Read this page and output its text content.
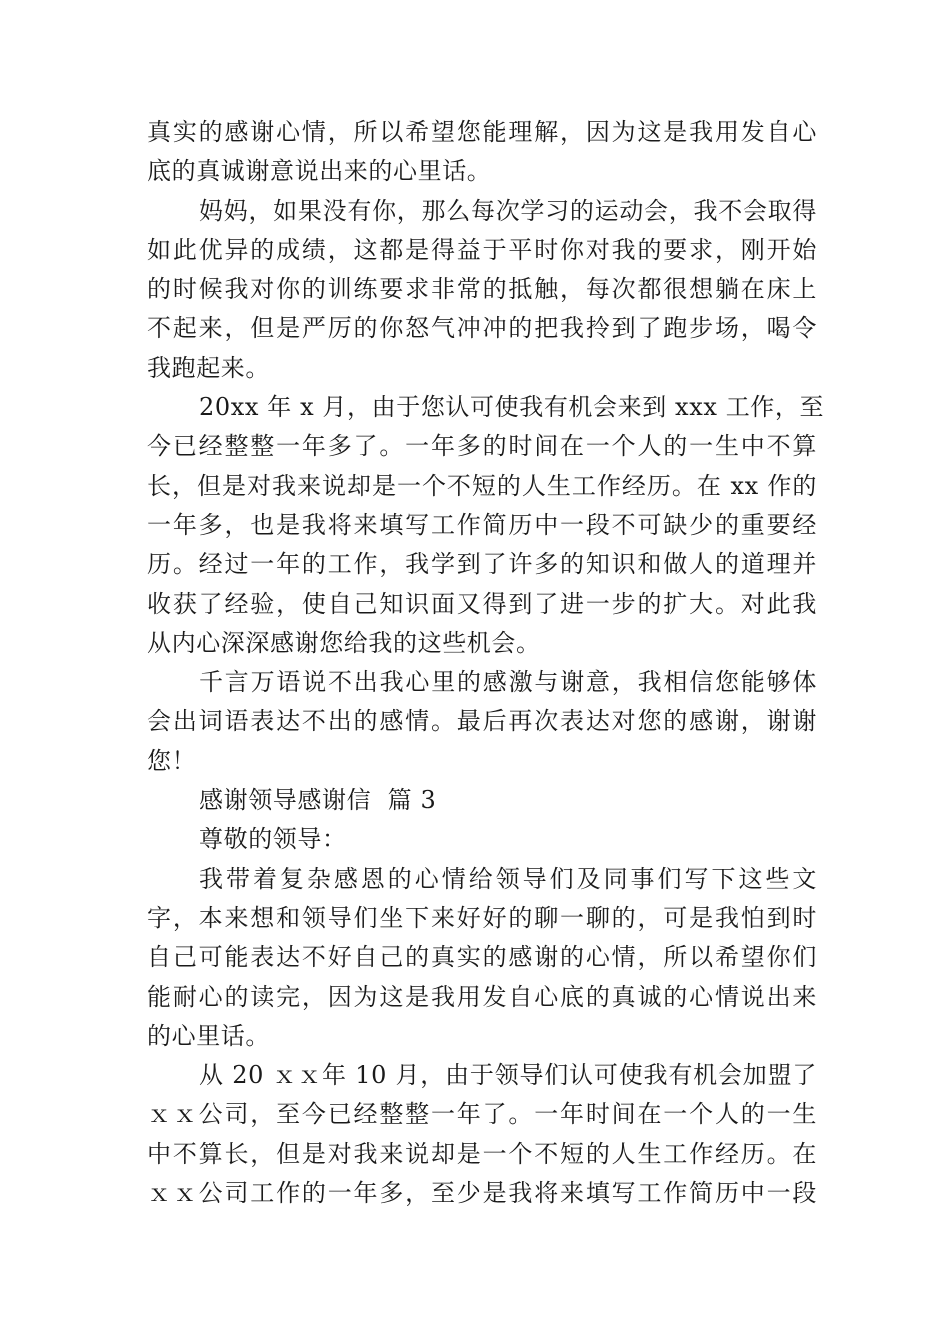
真实的感谢心情，所以希望您能理解，因为这是我用发自心
底的真诚谢意说出来的心里话。

妈妈，如果没有你，那么每次学习的运动会，我不会取得
如此优异的成绩，这都是得益于平时你对我的要求，刚开始
的时候我对你的训练要求非常的抵触，每次都很想躺在床上
不起来，但是严厉的你怒气冲冲的把我拎到了跑步场，喝令
我跑起来。

20xx 年 x 月，由于您认可使我有机会来到 xxx 工作，至
今已经整整一年多了。一年多的时间在一个人的一生中不算
长，但是对我来说却是一个不短的人生工作经历。在 xx 作的
一年多，也是我将来填写工作简历中一段不可缺少的重要经
历。经过一年的工作，我学到了许多的知识和做人的道理并
收获了经验，使自己知识面又得到了进一步的扩大。对此我
从内心深深感谢您给我的这些机会。

千言万语说不出我心里的感激与谢意，我相信您能够体
会出词语表达不出的感情。最后再次表达对您的感谢，谢谢
您！

感谢领导感谢信  篇 3

尊敬的领导：

我带着复杂感恩的心情给领导们及同事们写下这些文
字，本来想和领导们坐下来好好的聊一聊的，可是我怕到时
自己可能表达不好自己的真实的感谢的心情，所以希望你们
能耐心的读完，因为这是我用发自心底的真诚的心情说出来
的心里话。

从 20 ｘｘ年 10 月，由于领导们认可使我有机会加盟了
ｘｘ公司，至今已经整整一年了。一年时间在一个人的一生
中不算长，但是对我来说却是一个不短的人生工作经历。在
ｘｘ公司工作的一年多，至少是我将来填写工作简历中一段
